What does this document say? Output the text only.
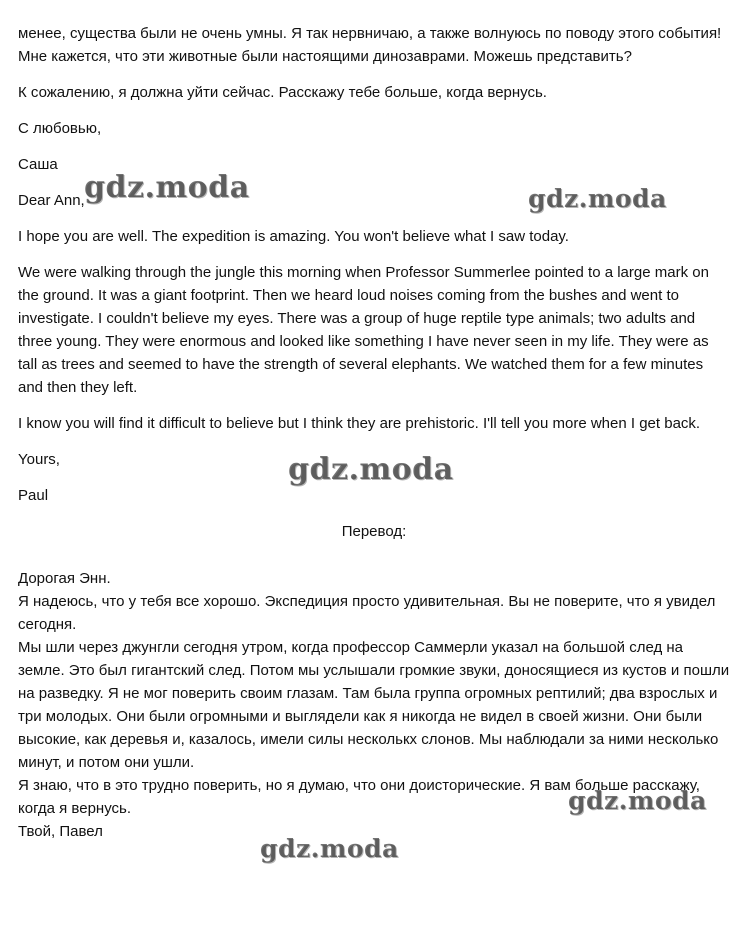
менее, существа были не очень умны. Я так нервничаю, а также волнуюсь по поводу этого события! Мне кажется, что эти животные были настоящими динозаврами. Можешь представить?

К сожалению, я должна уйти сейчас. Расскажу тебе больше, когда вернусь.

С любовью,

Саша

Dear Ann,

I hope you are well. The expedition is amazing. You won't believe what I saw today.

We were walking through the jungle this morning when Professor Summerlee pointed to a large mark on the ground. It was a giant footprint. Then we heard loud noises coming from the bushes and went to investigate. I couldn't believe my eyes. There was a group of huge reptile type animals; two adults and three young. They were enormous and looked like something I have never seen in my life. They were as tall as trees and seemed to have the strength of several elephants. We watched them for a few minutes and then they left.

I know you will find it difficult to believe but I think they are prehistoric. I'll tell you more when I get back.

Yours,

Paul

Перевод:

Дорогая Энн.

Я надеюсь, что у тебя все хорошо. Экспедиция просто удивительная. Вы не поверите, что я увидел сегодня.

Мы шли через джунгли сегодня утром, когда профессор Саммерли указал на большой след на земле. Это был гигантский след. Потом мы услышали громкие звуки, доносящиеся из кустов и пошли на разведку. Я не мог поверить своим глазам. Там была группа огромных рептилий; два взрослых и три молодых. Они были огромными и выглядели как я никогда не видел в своей жизни. Они были высокие, как деревья и, казалось, имели силы несколькх слонов. Мы наблюдали за ними несколько минут, и потом они ушли.

Я знаю, что в это трудно поверить, но я думаю, что они доисторические. Я вам больше расскажу, когда я вернусь.

Твой, Павел

gdz.moda	gdz.moda
gdz.moda
gdz.moda
gdz.moda
